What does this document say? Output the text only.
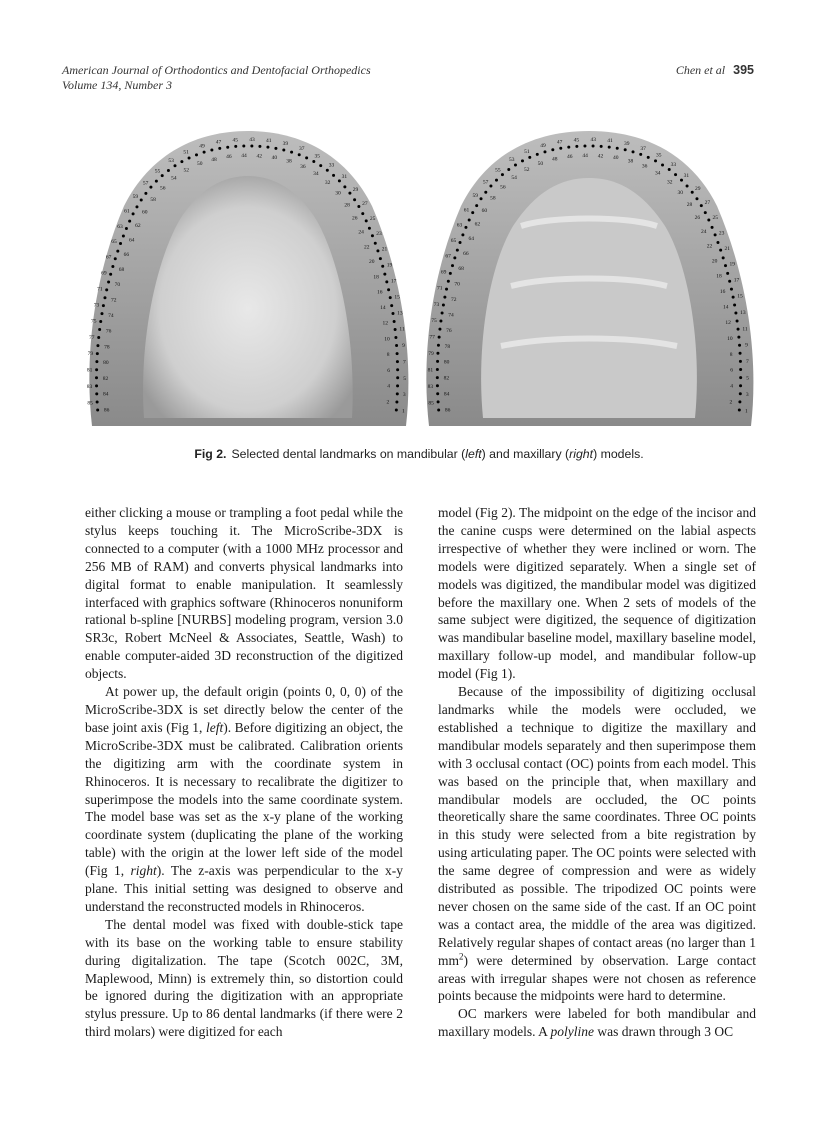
American Journal of Orthodontics and Dentofacial Orthopedics
Volume 134, Number 3
Chen et al 395
1
2
3
4
5
6
7
8
9
10
11
12
13
14
15
16
17
18
19
20
21
22
23
24
25
26
27
28
29
30
31
32
33
34
35
36
37
38
39
40
41
42
43
44
45
46
47
48
49
50
51
52
53
54
55
56
57
58
59
60
61
62
63
64
65
66
67
68
69
70
71
72
73
74
75
76
77
78
79
80
81
82
83
84
85
86	1
2
3
4
5
6
7
8
9
10
11
12
13
14
15
16
17
18
19
20
21
22
23
24
25
26
27
28
29
30
31
32
33
34
35
36
37
38
39
40
41
42
43
44
45
46
47
48
49
50
51
52
53
54
55
56
57
58
59
60
61
62
63
64
65
66
67
68
69
70
71
72
73
74
75
76
77
78
79
80
81
82
83
84
85
86
Fig 2. Selected dental landmarks on mandibular (left) and maxillary (right) models.

either clicking a mouse or trampling a foot pedal while the stylus keeps touching it. The MicroScribe-3DX is connected to a computer (with a 1000 MHz processor and 256 MB of RAM) and converts physical landmarks into digital format to enable manipulation. It seamlessly interfaced with graphics software (Rhinoceros nonuniform rational b-spline [NURBS] modeling program, version 3.0 SR3c, Robert McNeel & Associates, Seattle, Wash) to enable computer-aided 3D reconstruction of the digitized objects.

At power up, the default origin (points 0, 0, 0) of the MicroScribe-3DX is set directly below the center of the base joint axis (Fig 1, left). Before digitizing an object, the MicroScribe-3DX must be calibrated. Calibration orients the digitizing arm with the coordinate system in Rhinoceros. It is necessary to recalibrate the digitizer to superimpose the models into the same coordinate system. The model base was set as the x-y plane of the working coordinate system (duplicating the plane of the working table) with the origin at the lower left side of the model (Fig 1, right). The z-axis was perpendicular to the x-y plane. This initial setting was designed to observe and understand the reconstructed models in Rhinoceros.

The dental model was fixed with double-stick tape with its base on the working table to ensure stability during digitalization. The tape (Scotch 002C, 3M, Maplewood, Minn) is extremely thin, so distortion could be ignored during the digitization with an appropriate stylus pressure. Up to 86 dental landmarks (if there were 2 third molars) were digitized for each

model (Fig 2). The midpoint on the edge of the incisor and the canine cusps were determined on the labial aspects irrespective of whether they were inclined or worn. The models were digitized separately. When a single set of models was digitized, the mandibular model was digitized before the maxillary one. When 2 sets of models of the same subject were digitized, the sequence of digitization was mandibular baseline model, maxillary baseline model, maxillary follow-up model, and mandibular follow-up model (Fig 1).

Because of the impossibility of digitizing occlusal landmarks while the models were occluded, we established a technique to digitize the maxillary and mandibular models separately and then superimpose them with 3 occlusal contact (OC) points from each model. This was based on the principle that, when maxillary and mandibular models are occluded, the OC points theoretically share the same coordinates. Three OC points in this study were selected from a bite registration by using articulating paper. The OC points were selected with the same degree of compression and were as widely distributed as possible. The tripodized OC points were never chosen on the same side of the cast. If an OC point was a contact area, the middle of the area was digitized. Relatively regular shapes of contact areas (no larger than 1 $mm^2$) were determined by observation. Large contact areas with irregular shapes were not chosen as reference points because the midpoints were hard to determine.

OC markers were labeled for both mandibular and maxillary models. A polyline was drawn through 3 OC
